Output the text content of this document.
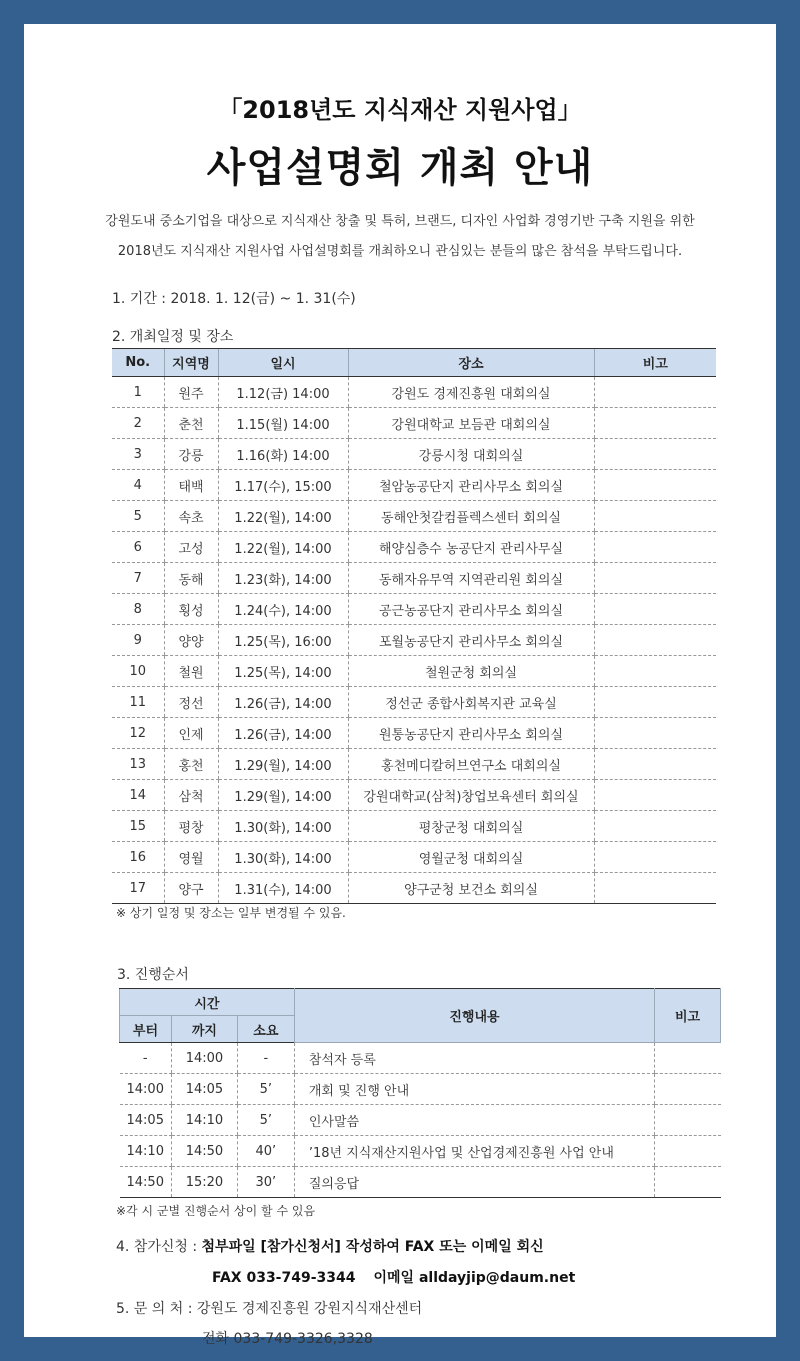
「2018년도 지식재산 지원사업」
사업설명회 개최 안내
강원도내 중소기업을 대상으로 지식재산 창출 및 특허, 브랜드, 디자인 사업화 경영기반 구축 지원을 위한
2018년도 지식재산 지원사업 사업설명회를 개최하오니 관심있는 분들의 많은 참석을 부탁드립니다.
1. 기간 : 2018. 1. 12(금) ~ 1. 31(수)
2. 개최일정 및 장소
No.	지역명	일시	장소	비고
1	원주	1.12(금) 14:00	강원도 경제진흥원 대회의실	
2	춘천	1.15(월) 14:00	강원대학교 보듬관 대회의실	
3	강릉	1.16(화) 14:00	강릉시청 대회의실	
4	태백	1.17(수), 15:00	철암농공단지 관리사무소 회의실	
5	속초	1.22(월), 14:00	동해안첫갈컴플렉스센터 회의실	
6	고성	1.22(월), 14:00	해양심층수 농공단지 관리사무실	
7	동해	1.23(화), 14:00	동해자유무역 지역관리원 회의실	
8	횡성	1.24(수), 14:00	공근농공단지 관리사무소 회의실	
9	양양	1.25(목), 16:00	포월농공단지 관리사무소 회의실	
10	철원	1.25(목), 14:00	철원군청 회의실	
11	정선	1.26(금), 14:00	정선군 종합사회복지관 교육실	
12	인제	1.26(금), 14:00	원통농공단지 관리사무소 회의실	
13	홍천	1.29(월), 14:00	홍천메디칼허브연구소 대회의실	
14	삼척	1.29(월), 14:00	강원대학교(삼척)창업보육센터 회의실	
15	평창	1.30(화), 14:00	평창군청 대회의실	
16	영월	1.30(화), 14:00	영월군청 대회의실	
17	양구	1.31(수), 14:00	양구군청 보건소 회의실	
※ 상기 일정 및 장소는 일부 변경될 수 있음.
3. 진행순서
시간			진행내용	비고
부터	까지	소요		
-	14:00	-	참석자 등록	
14:00	14:05	5’	개회 및 진행 안내	
14:05	14:10	5’	인사말씀	
14:10	14:50	40’	’18년 지식재산지원사업 및 산업경제진흥원 사업 안내	
14:50	15:20	30’	질의응답	
※각 시 군별 진행순서 상이 할 수 있음
4. 참가신청 : 첨부파일 [참가신청서] 작성하여 FAX 또는 이메일 회신
FAX 033-749-3344 이메일 alldayjip@daum.net
5. 문 의 처 : 강원도 경제진흥원 강원지식재산센터
전화 033-749-3326,3328
